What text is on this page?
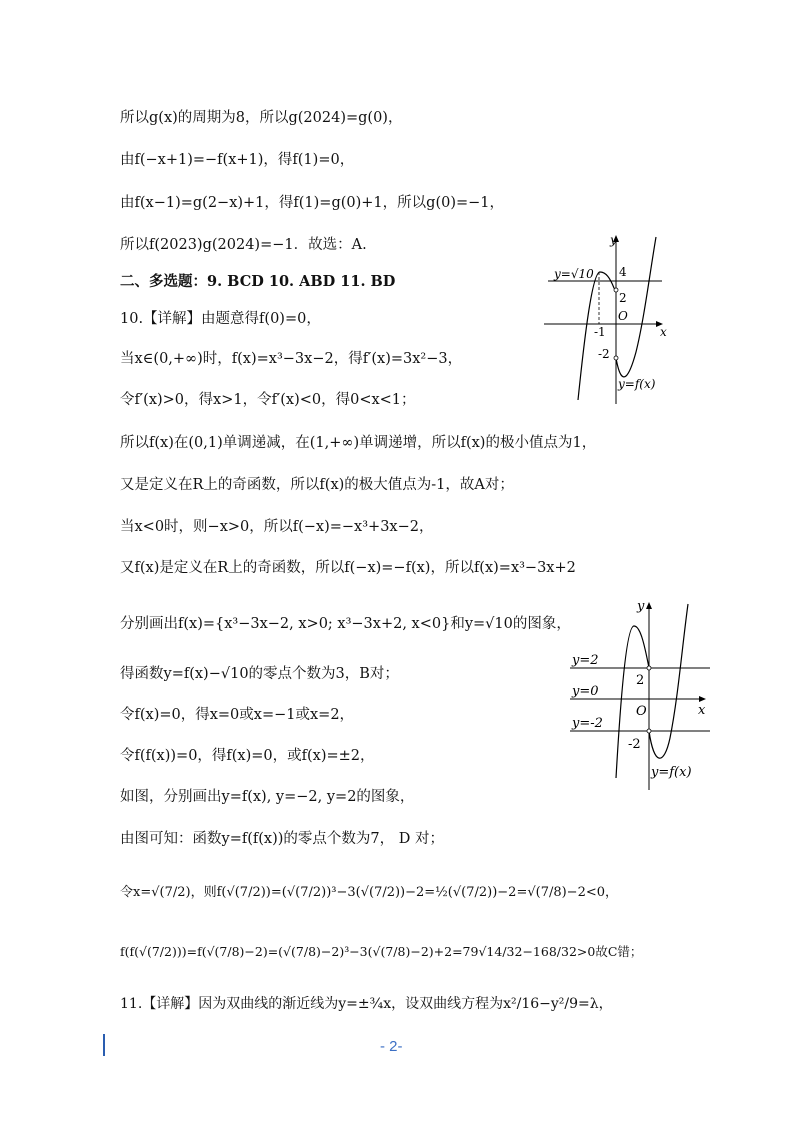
所以g(x)的周期为8，所以g(2024)=g(0)，
由f(−x+1)=−f(x+1)，得f(1)=0，
由f(x−1)=g(2−x)+1，得f(1)=g(0)+1，所以g(0)=−1，
所以f(2023)g(2024)=−1．故选：A.
二、多选题：9. BCD 10. ABD 11. BD
10.【详解】由题意得f(0)=0，
当x∈(0,+∞)时，f(x)=x³−3x−2，得f′(x)=3x²−3，
令f′(x)>0，得x>1，令f′(x)<0，得0<x<1；
所以f(x)在(0,1)单调递减，在(1,+∞)单调递增，所以f(x)的极小值点为1，
又是定义在R上的奇函数，所以f(x)的极大值点为-1，故A对；
当x<0时，则−x>0，所以f(−x)=−x³+3x−2，
又f(x)是定义在R上的奇函数，所以f(−x)=−f(x)，所以f(x)=x³−3x+2
分别画出f(x)={x³−3x−2, x>0; x³−3x+2, x<0}和y=√10的图象，
得函数y=f(x)−√10的零点个数为3，B对；
令f(x)=0，得x=0或x=−1或x=2，
令f(f(x))=0，得f(x)=0，或f(x)=±2，
如图，分别画出y=f(x), y=−2, y=2的图象，
由图可知：函数y=f(f(x))的零点个数为7， D 对；
令x=√(7/2)，则f(√(7/2))=(√(7/2))³−3(√(7/2))−2=½(√(7/2))−2=√(7/8)−2<0，
f(f(√(7/2)))=f(√(7/8)−2)=(√(7/8)−2)³−3(√(7/8)−2)+2=79√14/32−168/32>0故C错；
11.【详解】因为双曲线的渐近线为y=±¾x，设双曲线方程为x²/16−y²/9=λ，
y
x
y=√10 4
2
-1
-2
O
y=f(x)
y
x
y=2
y=0
y=-2
2
-2
O
y=f(x)
- 2-
